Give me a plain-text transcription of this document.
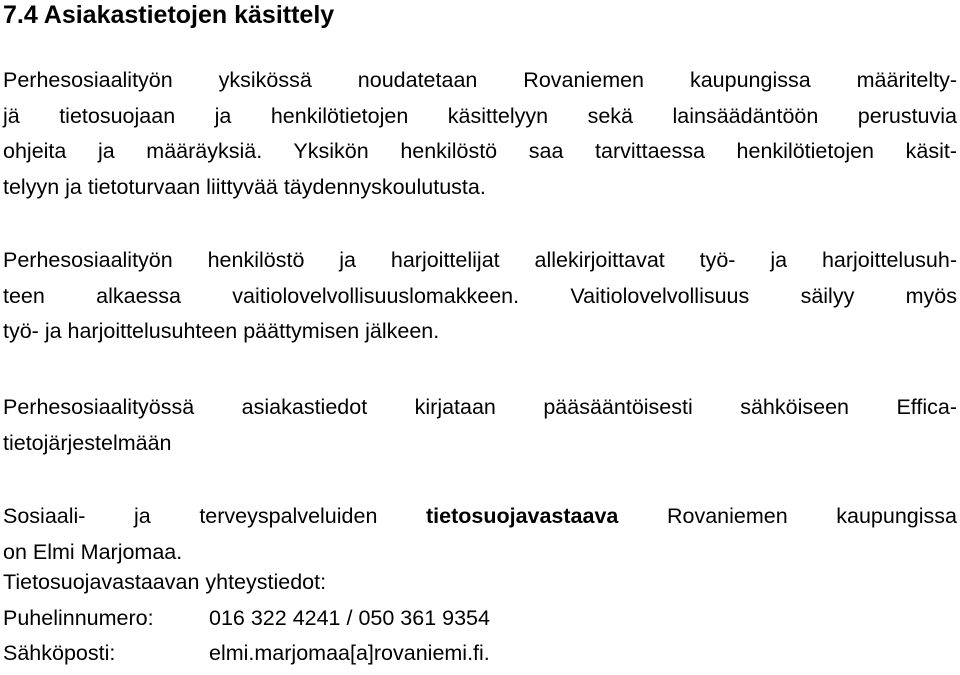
7.4 Asiakastietojen käsittely
Perhesosiaalityön yksikössä noudatetaan Rovaniemen kaupungissa määritelty-
jä tietosuojaan ja henkilötietojen käsittelyyn sekä lainsäädäntöön perustuvia
ohjeita ja määräyksiä. Yksikön henkilöstö saa tarvittaessa henkilötietojen käsit-
telyyn ja tietoturvaan liittyvää täydennyskoulutusta.
Perhesosiaalityön henkilöstö ja harjoittelijat allekirjoittavat työ- ja harjoittelusuh-
teen alkaessa vaitiolovelvollisuuslomakkeen. Vaitiolovelvollisuus säilyy myös
työ- ja harjoittelusuhteen päättymisen jälkeen.
Perhesosiaalityössä asiakastiedot kirjataan pääsääntöisesti sähköiseen Effica-
tietojärjestelmään
Sosiaali- ja terveyspalveluiden tietosuojavastaava Rovaniemen kaupungissa
on Elmi Marjomaa.
Tietosuojavastaavan yhteystiedot:
Puhelinnumero:	016 322 4241 / 050 361 9354
Sähköposti:	elmi.marjomaa[a]rovaniemi.fi.
